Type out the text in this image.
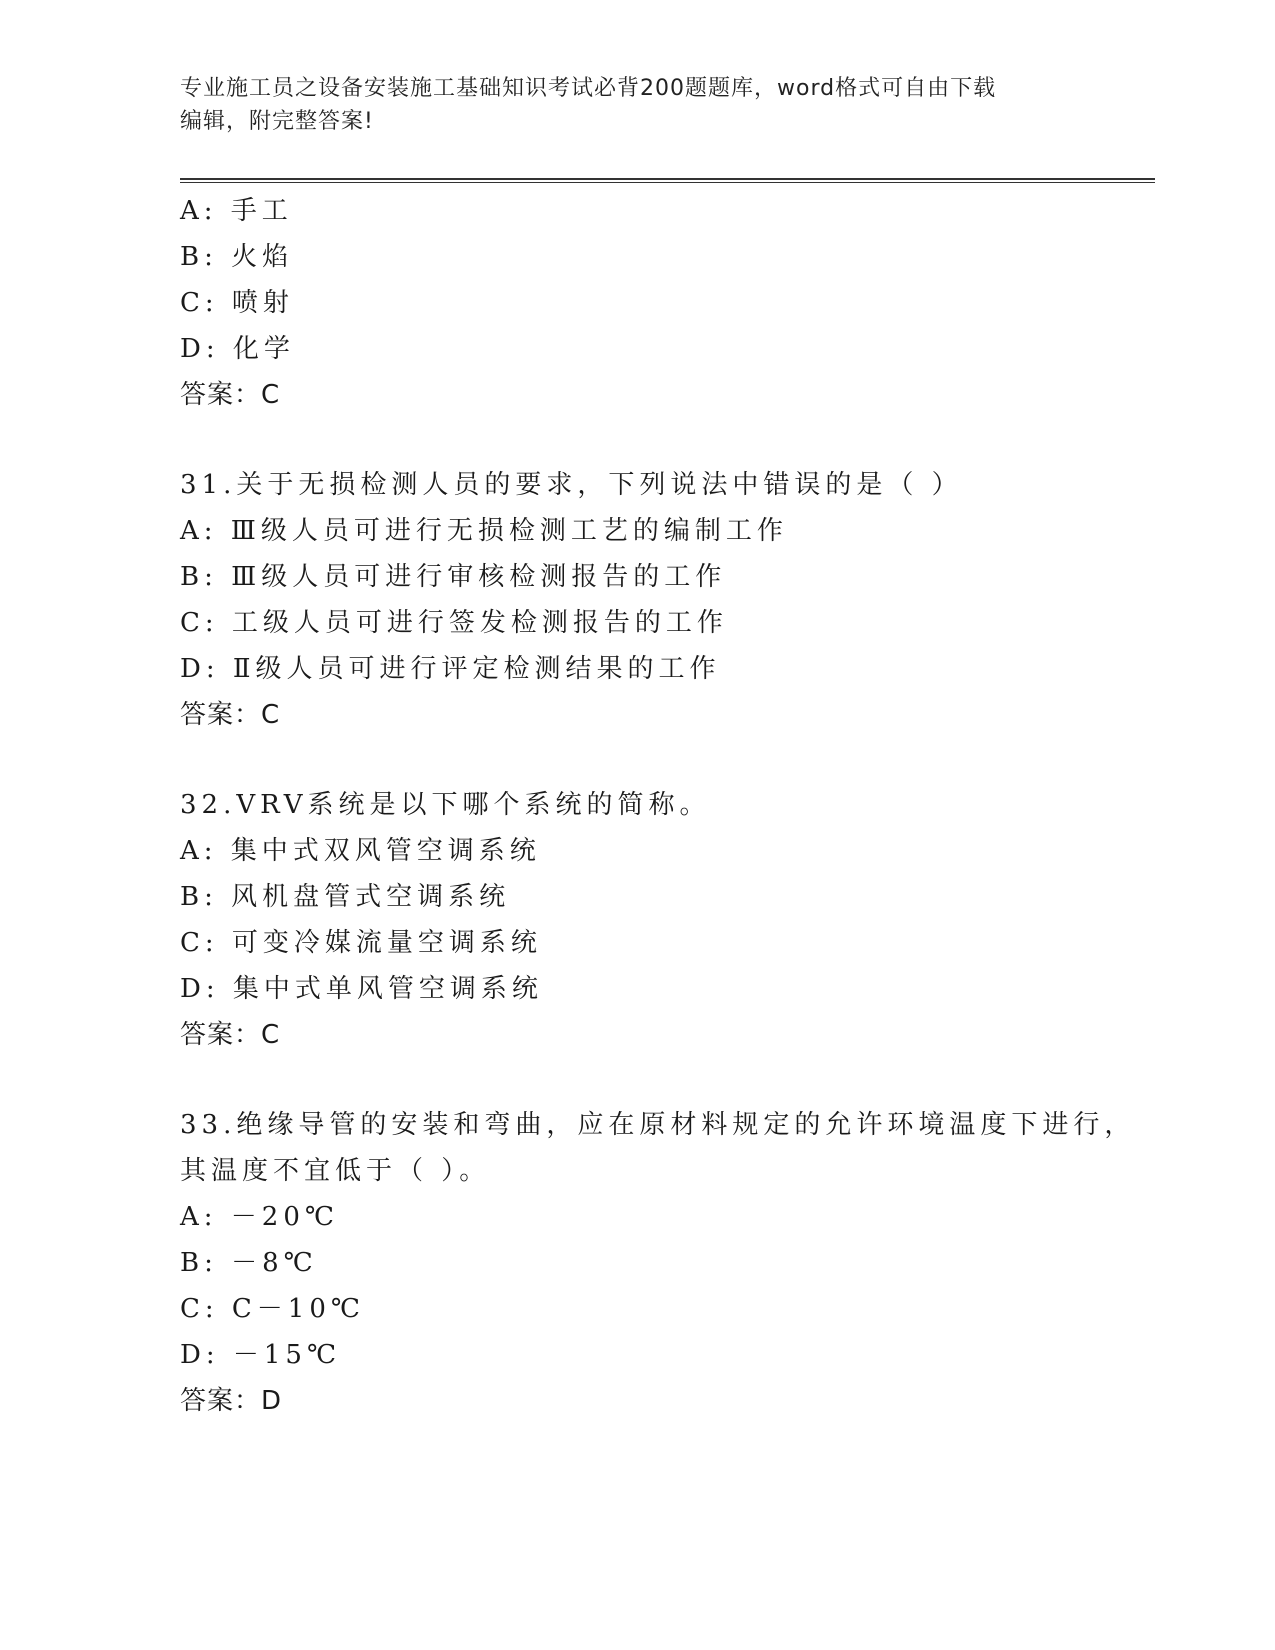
专业施工员之设备安装施工基础知识考试必背200题题库，word格式可自由下载
编辑，附完整答案!
A: 手工
B: 火焰
C: 喷射
D: 化学
答案：C
31.关于无损检测人员的要求，下列说法中错误的是（ ）
A: Ⅲ级人员可进行无损检测工艺的编制工作
B: Ⅲ级人员可进行审核检测报告的工作
C: 工级人员可进行签发检测报告的工作
D: Ⅱ级人员可进行评定检测结果的工作
答案：C
32.VRV系统是以下哪个系统的简称。
A: 集中式双风管空调系统
B: 风机盘管式空调系统
C: 可变冷媒流量空调系统
D: 集中式单风管空调系统
答案：C
33.绝缘导管的安装和弯曲，应在原材料规定的允许环境温度下进行，
其温度不宜低于（ ）。
A: －20℃
B: －8℃
C: C－10℃
D: －15℃
答案：D
